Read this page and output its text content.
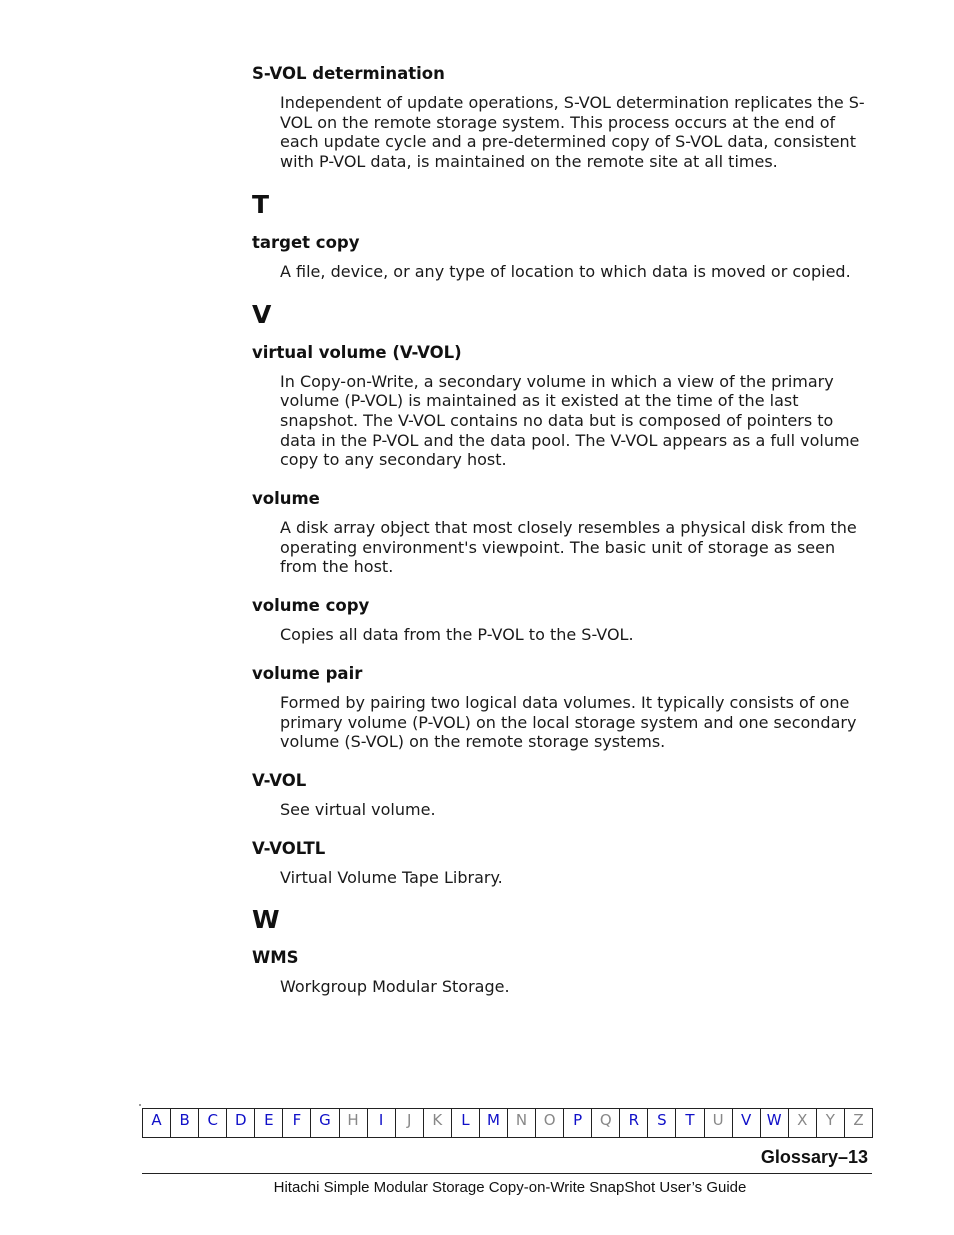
S-VOL determination
Independent of update operations, S-VOL determination replicates the S-VOL on the remote storage system. This process occurs at the end of each update cycle and a pre-determined copy of S-VOL data, consistent with P-VOL data, is maintained on the remote site at all times.
T
target copy
A file, device, or any type of location to which data is moved or copied.
V
virtual volume (V-VOL)
In Copy-on-Write, a secondary volume in which a view of the primary volume (P-VOL) is maintained as it existed at the time of the last snapshot. The V-VOL contains no data but is composed of pointers to data in the P-VOL and the data pool. The V-VOL appears as a full volume copy to any secondary host.
volume
A disk array object that most closely resembles a physical disk from the operating environment's viewpoint. The basic unit of storage as seen from the host.
volume copy
Copies all data from the P-VOL to the S-VOL.
volume pair
Formed by pairing two logical data volumes. It typically consists of one primary volume (P-VOL) on the local storage system and one secondary volume (S-VOL) on the remote storage systems.
V-VOL
See virtual volume.
V-VOLTL
Virtual Volume Tape Library.
W
WMS
Workgroup Modular Storage.
A	B	C	D	E	F	G	H	I	J	K	L	M	N	O	P	Q	R	S	T	U	V	W	X	Y	Z
Glossary–13
Hitachi Simple Modular Storage Copy-on-Write SnapShot User’s Guide
